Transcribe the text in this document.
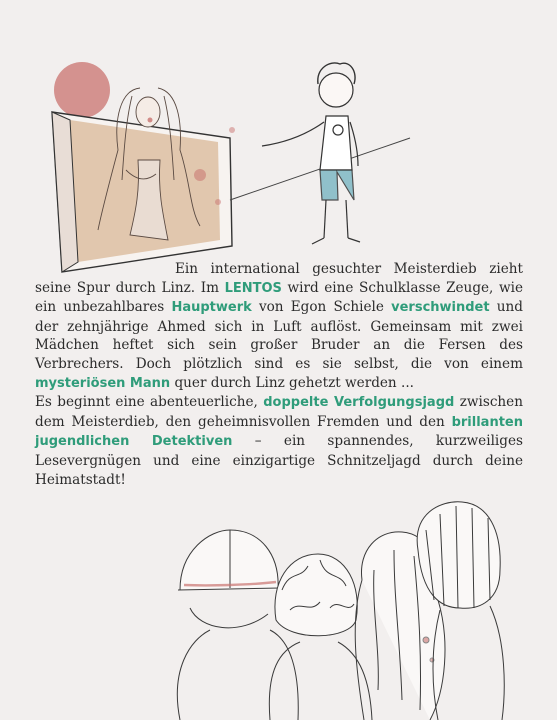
Ein international gesuchter Meisterdieb zieht seine Spur durch Linz. Im LENTOS wird eine Schulklasse Zeuge, wie ein unbezahlbares Hauptwerk von Egon Schiele verschwindet und der zehnjährige Ahmed sich in Luft auflöst. Gemeinsam mit zwei Mädchen heftet sich sein großer Bruder an die Fersen des Verbrechers. Doch plötzlich sind es sie selbst, die von einem mysteriösen Mann quer durch Linz gehetzt werden ...

Es beginnt eine abenteuerliche, doppelte Verfolgungsjagd zwischen dem Meisterdieb, den geheimnisvollen Fremden und den brillanten jugendlichen Detektiven – ein spannendes, kurzweiliges Lesevergnügen und eine einzigartige Schnitzeljagd durch deine Heimatstadt!
